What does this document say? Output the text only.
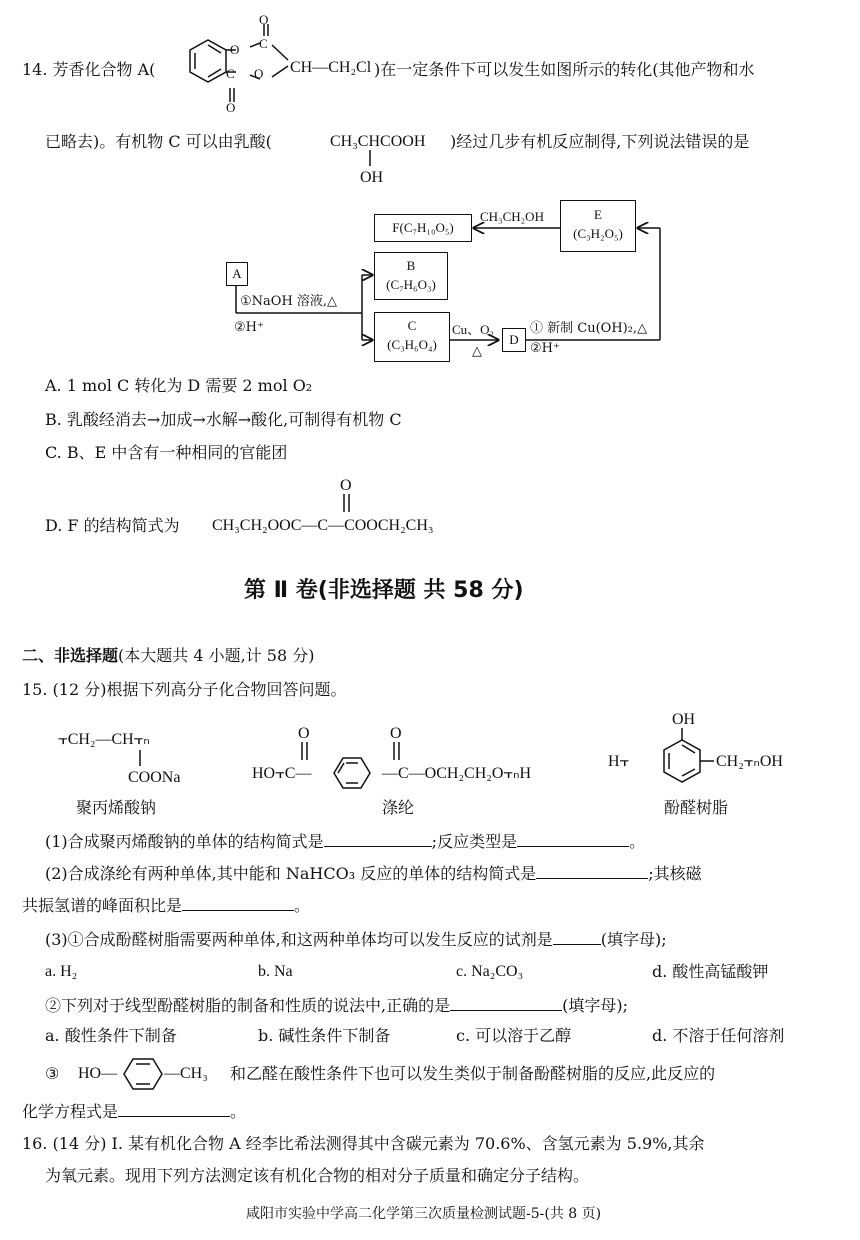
14. 芳香化合物 A(
O
C
O
O
C
O
CH—CH₂Cl )在一定条件下可以发生如图所示的转化(其他产物和水
已略去)。有机物 C 可以由乳酸(	CH₃CHCOOH
OH
)经过几步有机反应制得,下列说法错误的是
F(C₇H₁₀O₅)
E
(C₃H₂O₅)
A
B
(C₇H₆O₃)
C
(C₃H₆O₄)	D
CH₃CH₂OH
①NaOH 溶液,△
②H⁺	Cu、O₂
△
① 新制 Cu(OH)₂,△
②H⁺
A. 1 mol C 转化为 D 需要 2 mol O₂
B. 乳酸经消去→加成→水解→酸化,可制得有机物 C
C. B、E 中含有一种相同的官能团
D. F 的结构简式为
O
CH₃CH₂OOC—C—COOCH₂CH₃
第 Ⅱ 卷(非选择题 共 58 分)
二、非选择题(本大题共 4 小题,计 58 分)
15. (12 分)根据下列高分子化合物回答问题。
⫟CH₂—CH⫟ₙ
COONa
聚丙烯酸钠
O	O
HO⫟C—	—C—OCH₂CH₂O⫟ₙH
涤纶
OH
H⫟	CH₂⫟ₙOH
酚醛树脂
(1)合成聚丙烯酸钠的单体的结构简式是	;反应类型是	。
(2)合成涤纶有两种单体,其中能和 NaHCO₃ 反应的单体的结构简式是	;其核磁
共振氢谱的峰面积比是	。
(3)①合成酚醛树脂需要两种单体,和这两种单体均可以发生反应的试剂是	(填字母);
a. H₂	b. Na	c. Na₂CO₃	d. 酸性高锰酸钾
②下列对于线型酚醛树脂的制备和性质的说法中,正确的是	(填字母);
a. 酸性条件下制备	b. 碱性条件下制备	c. 可以溶于乙醇	d. 不溶于任何溶剂
③ HO—	—CH₃ 和乙醛在酸性条件下也可以发生类似于制备酚醛树脂的反应,此反应的
化学方程式是	。
16. (14 分) Ⅰ. 某有机化合物 A 经李比希法测得其中含碳元素为 70.6%、含氢元素为 5.9%,其余
为氧元素。现用下列方法测定该有机化合物的相对分子质量和确定分子结构。
咸阳市实验中学高二化学第三次质量检测试题-5-(共 8 页)
